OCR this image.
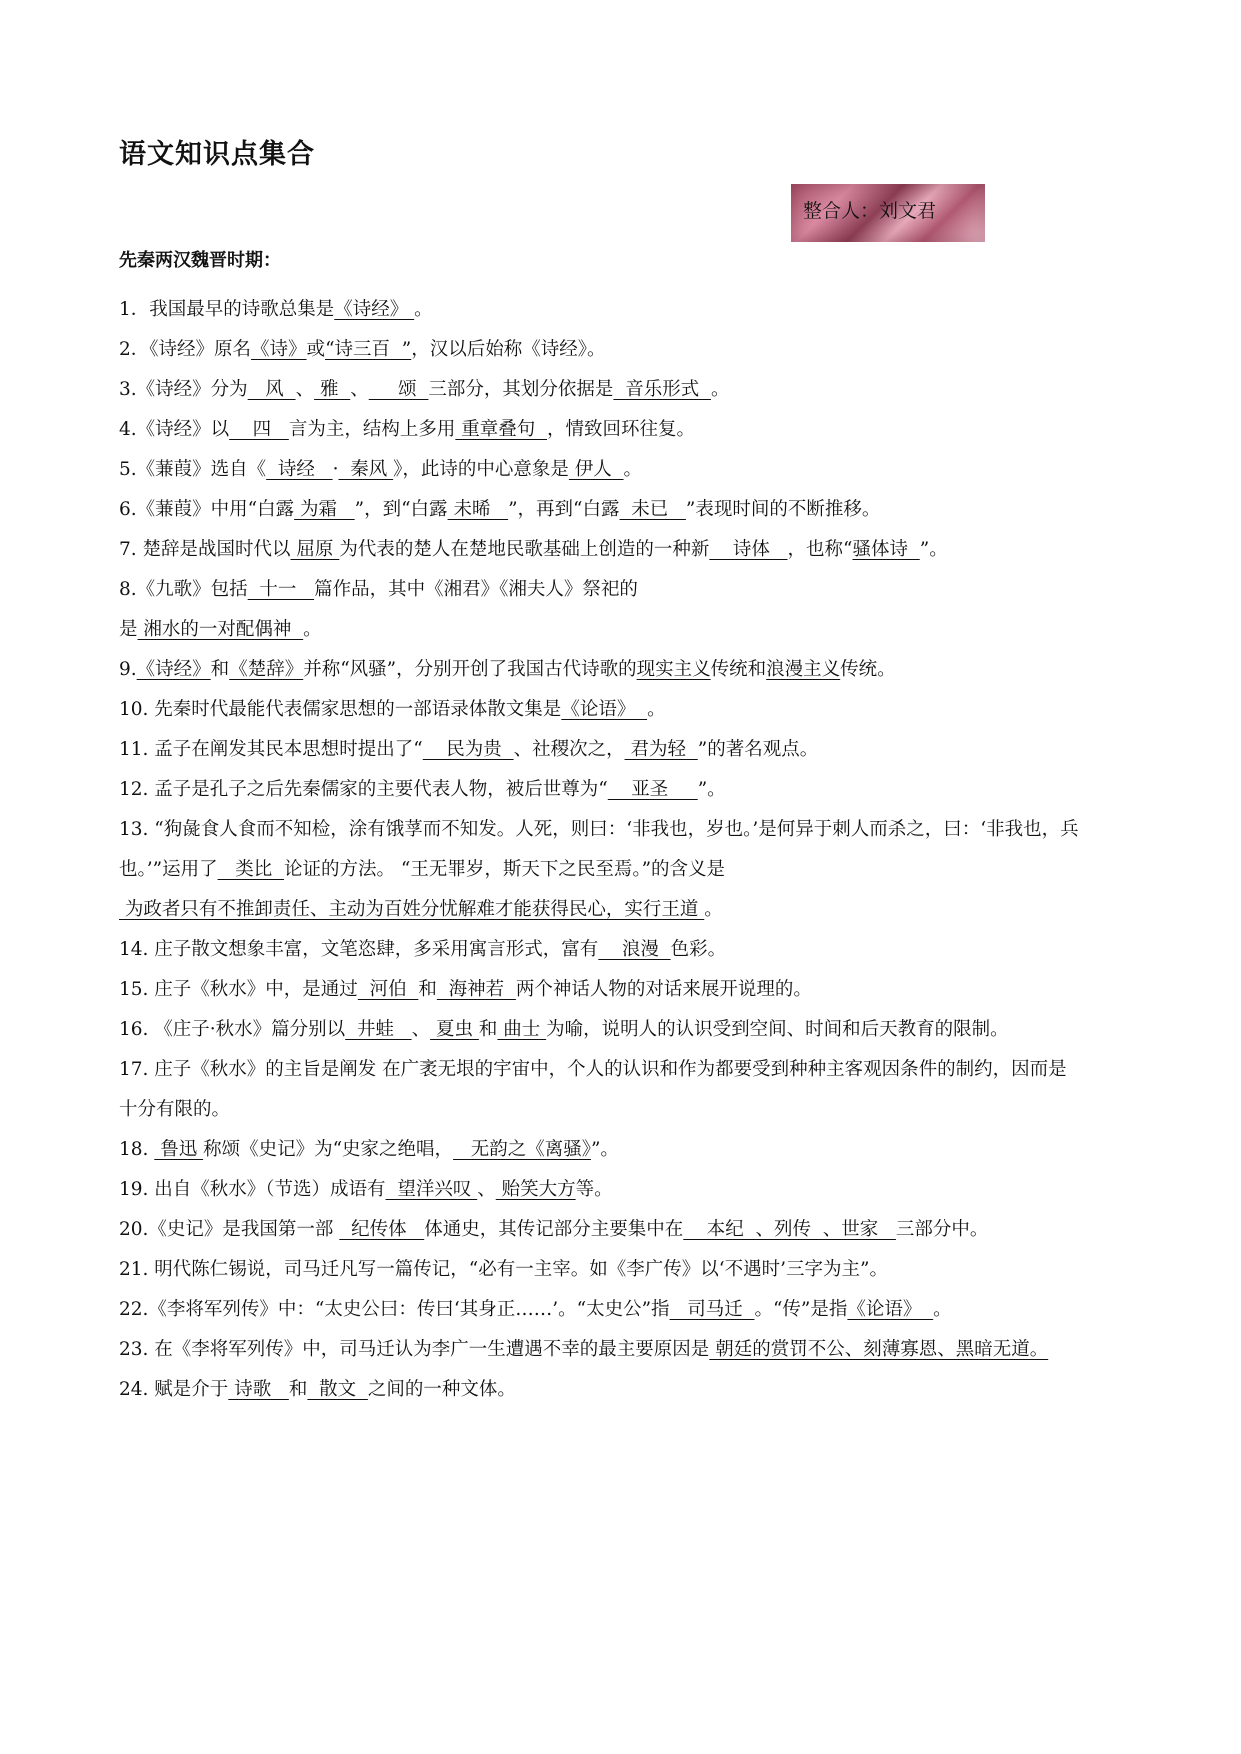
语文知识点集合
整合人：刘文君
先秦两汉魏晋时期：
1．我国最早的诗歌总集是《诗经》 。
2．《诗经》原名《诗》或“诗三百  ”，汉以后始称《诗经》。
3.《诗经》分为   风  、 雅  、     颂  三部分，其划分依据是  音乐形式  。
4.《诗经》以    四   言为主，结构上多用 重章叠句  ，情致回环往复。
5.《蒹葭》选自《  诗经   ·  秦风 》，此诗的中心意象是 伊人  。
6.《蒹葭》中用“白露 为霜   ”，到“白露 未晞   ”，再到“白露  未已   ”表现时间的不断推移。
7. 楚辞是战国时代以 屈原 为代表的楚人在楚地民歌基础上创造的一种新    诗体   ，也称“骚体诗  ”。
8.《九歌》包括  十一   篇作品，其中《湘君》《湘夫人》祭祀的
是 湘水的一对配偶神  。
9.《诗经》和《楚辞》并称“风骚”，分别开创了我国古代诗歌的现实主义传统和浪漫主义传统。
10. 先秦时代最能代表儒家思想的一部语录体散文集是《论语》  。
11. 孟子在阐发其民本思想时提出了“    民为贵  、社稷次之， 君为轻  ”的著名观点。
12. 孟子是孔子之后先秦儒家的主要代表人物，被后世尊为“    亚圣     ”。
13. “狗彘食人食而不知检，涂有饿莩而不知发。人死，则曰：‘非我也，岁也。’是何异于刺人而杀之，曰：‘非我也，兵也。’”运用了   类比  论证的方法。 “王无罪岁，斯天下之民至焉。”的含义是  为政者只有不推卸责任、主动为百姓分忧解难才能获得民心，实行王道 。
14. 庄子散文想象丰富，文笔恣肆，多采用寓言形式，富有    浪漫  色彩。
15. 庄子《秋水》中，是通过  河伯  和  海神若  两个神话人物的对话来展开说理的。
16. 《庄子·秋水》篇分别以  井蛙   、 夏虫 和 曲士 为喻，说明人的认识受到空间、时间和后天教育的限制。
17. 庄子《秋水》的主旨是阐发 在广袤无垠的宇宙中，个人的认识和作为都要受到种种主客观因条件的制约，因而是十分有限的。
18.  鲁迅 称颂《史记》为“史家之绝唱，   无韵之《离骚》”。
19. 出自《秋水》（节选）成语有  望洋兴叹 、 贻笑大方等。
20.《史记》是我国第一部   纪传体   体通史，其传记部分主要集中在    本纪  、列传  、世家   三部分中。
21. 明代陈仁锡说，司马迁凡写一篇传记，“必有一主宰。如《李广传》以‘不遇时’三字为主”。
22.《李将军列传》中：“太史公曰：传曰‘其身正……’。“太史公”指   司马迁  。“传”是指《论语》  。
23. 在《李将军列传》中，司马迁认为李广一生遭遇不幸的最主要原因是 朝廷的赏罚不公、刻薄寡恩、黑暗无道。
24. 赋是介于 诗歌   和  散文  之间的一种文体。
